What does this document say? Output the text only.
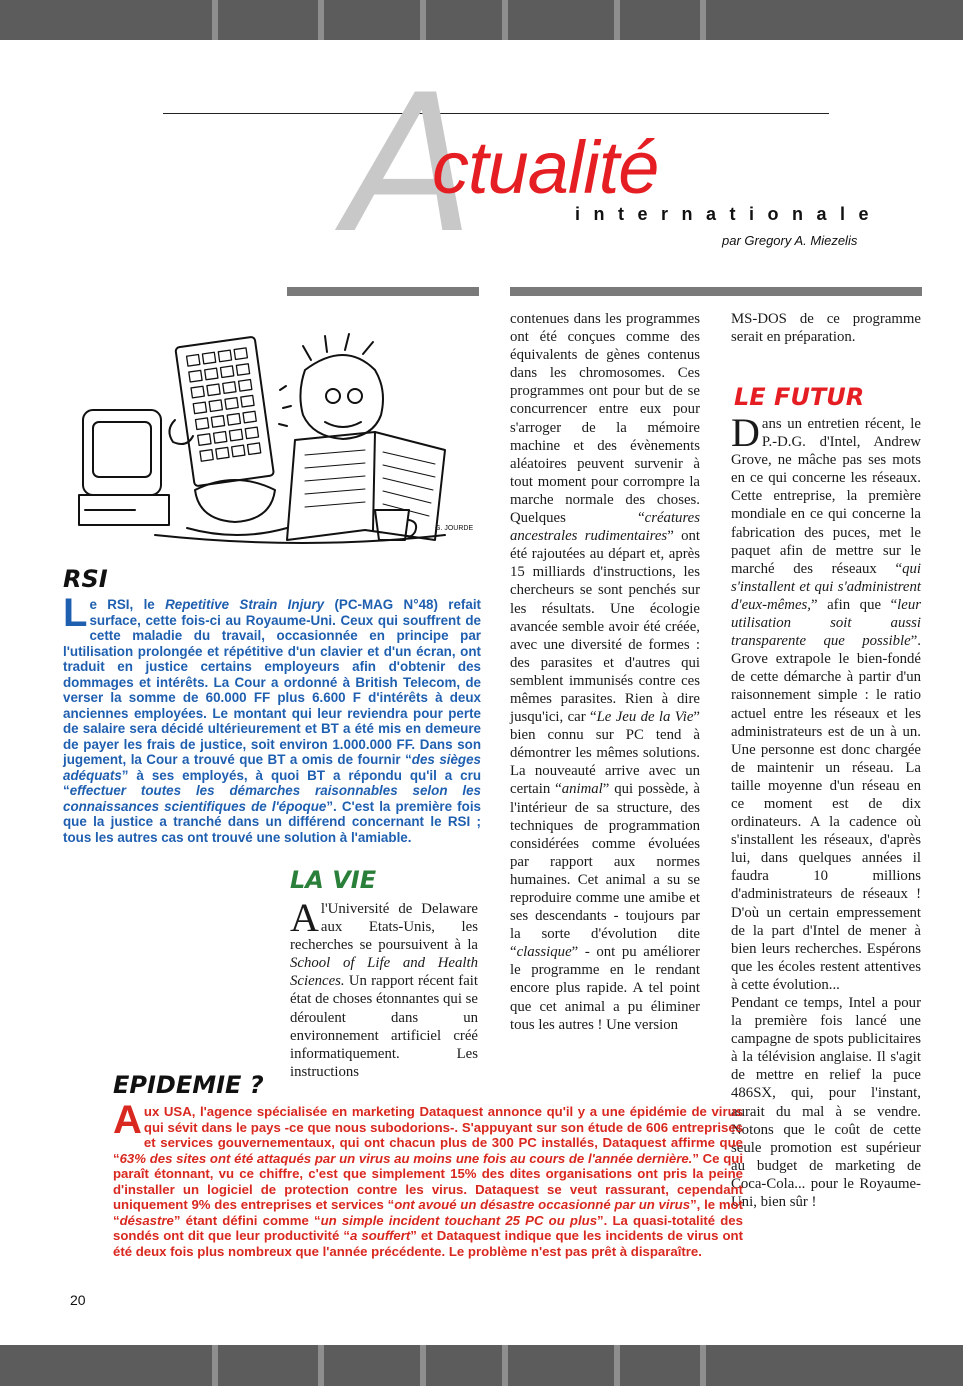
A
ctualité
internationale
par Gregory A. Miezelis
G. JOURDE
RSI
Le RSI, le Repetitive Strain Injury (PC-MAG N°48) refait surface, cette fois-ci au Royaume-Uni. Ceux qui souffrent de cette maladie du travail, occasionnée en principe par l'utilisation prolongée et répétitive d'un clavier et d'un écran, ont traduit en justice certains employeurs afin d'obtenir des dommages et intérêts. La Cour a ordonné à British Telecom, de verser la somme de 60.000 FF plus 6.600 F d'intérêts à deux anciennes employées. Le montant qui leur reviendra pour perte de salaire sera décidé ultérieurement et BT a été mis en demeure de payer les frais de justice, soit environ 1.000.000 FF. Dans son jugement, la Cour a trouvé que BT a omis de fournir “des sièges adéquats” à ses employés, à quoi BT a répondu qu'il a cru “effectuer toutes les démarches raisonnables selon les connaissances scientifiques de l'époque”. C'est la première fois que la justice a tranché dans un différend concernant le RSI ; tous les autres cas ont trouvé une solution à l'amiable.
LA VIE
A l'Université de Delaware aux Etats-Unis, les recherches se poursuivent à la School of Life and Health Sciences. Un rapport récent fait état de choses étonnantes qui se déroulent dans un environnement artificiel créé informatiquement. Les instructions
contenues dans les programmes ont été conçues comme des équivalents de gènes contenus dans les chromosomes. Ces programmes ont pour but de se concurrencer entre eux pour s'arroger de la mémoire machine et des évènements aléatoires peuvent survenir à tout moment pour corrompre la marche normale des choses. Quelques “créatures ancestrales rudimentaires” ont été rajoutées au départ et, après 15 milliards d'instructions, les chercheurs se sont penchés sur les résultats. Une écologie avancée semble avoir été créée, avec une diversité de formes : des parasites et d'autres qui semblent immunisés contre ces mêmes parasites. Rien à dire jusqu'ici, car “Le Jeu de la Vie” bien connu sur PC tend à démontrer les mêmes solutions. La nouveauté arrive avec un certain “animal” qui possède, à l'intérieur de sa structure, des techniques de programmation considérées comme évoluées par rapport aux normes humaines. Cet animal a su se reproduire comme une amibe et ses descendants - toujours par la sorte d'évolution dite “classique” - ont pu améliorer le programme en le rendant encore plus rapide. A tel point que cet animal a pu éliminer tous les autres ! Une version
MS-DOS de ce programme serait en préparation.
LE FUTUR
Dans un entretien récent, le P.-D.G. d'Intel, Andrew Grove, ne mâche pas ses mots en ce qui concerne les réseaux. Cette entreprise, la première mondiale en ce qui concerne la fabrication des puces, met le paquet afin de mettre sur le marché des réseaux “qui s'installent et qui s'administrent d'eux-mêmes,” afin que “leur utilisation soit aussi transparente que possible”. Grove extrapole le bien-fondé de cette démarche à partir d'un raisonnement simple : le ratio actuel entre les réseaux et les administrateurs est de un à un. Une personne est donc chargée de maintenir un réseau. La taille moyenne d'un réseau en ce moment est de dix ordinateurs. A la cadence où s'installent les réseaux, d'après lui, dans quelques années il faudra 10 millions d'administrateurs de réseaux ! D'où un certain empressement de la part d'Intel de mener à bien leurs recherches. Espérons que les écoles restent attentives à cette évolution...
Pendant ce temps, Intel a pour la première fois lancé une campagne de spots publicitaires à la télévision anglaise. Il s'agit de mettre en relief la puce 486SX, qui, pour l'instant, aurait du mal à se vendre. Notons que le coût de cette seule promotion est supérieur au budget de marketing de Coca-Cola... pour le Royaume-Uni, bien sûr !
EPIDEMIE ?
Aux USA, l'agence spécialisée en marketing Dataquest annonce qu'il y a une épidémie de virus qui sévit dans le pays -ce que nous subodorions-. S'appuyant sur son étude de 606 entreprises et services gouvernementaux, qui ont chacun plus de 300 PC installés, Dataquest affirme que “63% des sites ont été attaqués par un virus au moins une fois au cours de l'année dernière.” Ce qui paraît étonnant, vu ce chiffre, c'est que simplement 15% des dites organisations ont pris la peine d'installer un logiciel de protection contre les virus. Dataquest se veut rassurant, cependant uniquement 9% des entreprises et services “ont avoué un désastre occasionné par un virus”, le mot “désastre” étant défini comme “un simple incident touchant 25 PC ou plus”. La quasi-totalité des sondés ont dit que leur productivité “a souffert” et Dataquest indique que les incidents de virus ont été deux fois plus nombreux que l'année précédente. Le problème n'est pas prêt à disparaître.
20
